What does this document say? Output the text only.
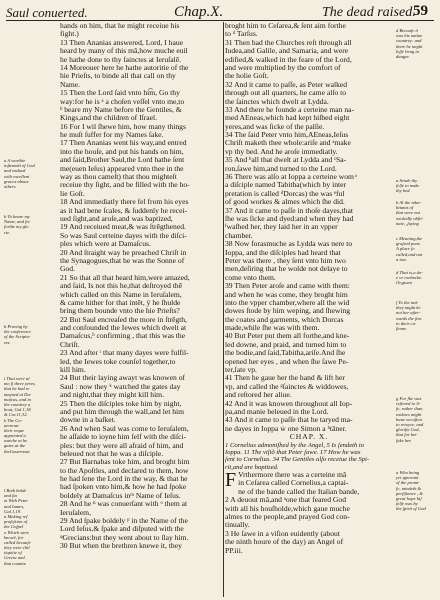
Saul conuerted.	Chap.X.	The dead raised.
59
hands on him, that he might receiue his
fight.)
13 Then Ananias answered, Lord, I haue
heard by many of this mã,how muche euil
he hathe done to thy ſainctes at Ieruſalē.
14 Moreouer here he hathe autoritie of the
hie Prieſts, to binde all that call on thy
Name.
15 Then the Lord ſaid vnto hi͡m, Go thy
way:for he is ᵃ a choſen veſſel vnto me,to
ᵇ beare my Name before the Gentiles, &
Kings,and the children of Iſrael.
16 For I wil ſhewe him, how many things
he muſt ſuffer for my Names ſake.
17 Then Ananias went his way,and entred
into the houſe, and put his hands on him,
and ſaid,Brother Saul,the Lord hathe ſent
me(euen Ieſus) appeared vnto thee in the
way as thou cameſt) that thou mighteſt
receiue thy ſight, and be filled with the ho-
lie Goſt.
18 And immediatly there fel from his eyes
as it had bene ſcales, & ſuddenly he recei-
ued ſight,and aroſe,and was baptized,
19 And receiued meat,& was ſtrēgthened.
So was Saul certeine dayes with the diſci-
ples which were at Damaſcus.
20 And ſtraight way he preached Chriſt in
the Synagogues,that he was the Sonne of
God.
21 So that all that heard him,were amazed,
and ſaid, Is not this he,that deſtroyed thē
which called on this Name in Ieruſalem,
& came hither for that intēt, ÿ he ſhulde
bring them bounde vnto the hie Prieſts?
22 But Saul encreaſed the more in ſtrēgth,
and confounded the Iewes which dwelt at
Damaſcus,ᵇ confirming , that this was the
Chriſt.
23 And after ᶦ that many dayes were fulfil-
led, the Iewes toke counſel together,to
kill him.
24 But their laying awayt was knowen of
Saul : now they ᵏ watched the gates day
and night,that they might kill him.
25 Then the diſciples toke him by night,
and put him through the wall,and let him
downe in a baſket.
26 And when Saul was come to Ieruſalem,
he aſſaide to ioyne him ſelf with the diſci-
ples: but they were all afraid of him, and
beleued not that he was a diſciple.
27 But Barnabas toke him, and broght him
to the Apoſtles, and declared to them, how
he had ſene the Lord in the way, & that he
had ſpoken vnto him,& how he had ſpoke
boldely at Damaſcus inᵐ Name of Ieſus.
28 And he ⁿ was conuerſant with ᵒ them at
Ieruſalem,
29 And ſpake boldely ᵖ in the Name of the
Lord Ieſus,& ſpake and diſputed with the
ᵠGrecians:but they went about to ſlay him.
30 But when the brethren knewe it, they
broght him to Ceſarea,& ſent aim forthe
to ᵈ Tarſus.
31 Then had the Churches reſt through all
Iudea,and Galile, and Samaria, and were
edified,& walked in the feare of the Lord,
and were multiplied by the comfort of
the holie Goſt.
32 And it came to paſſe, as Peter walked
through out all quarters, he came alſo to
the ſainctes which dwelt at Lydda.
33 And there he founde a certeine man na-
med AEneas,which had kept hiſbed eight
yeres,and was ſicke of the palſie.
34 The ſaid Peter vnto him,AEneas,Ieſus
Chriſt maketh thee whole:ariſe and ᵃmake
vp thy bed. And he aroſe immediatly.
35 And ᵇall that dwelt at Lydda and ᶜSa-
ron,ſawe him,and turned to the Lord.
36 There was alſo at Ioppa a certeine wom ͣ
a diſciple named Tabitha(which by inter
pretation is called ᵈDorcas) the was ᵉful
of good workes & almes which ſhe did.
37 And it came to paſſe in thoſe dayes,that
ſhe was ſicke and dyed:and when they had
ᶠwaſhed her, they laid her in an vpper
chamber.
38 Now forasmuche as Lydda was nere to
Ioppa, and the diſciples had heard that
Peter was there , they ſent vnto him two
men,deſiring that he wolde not delaye to
come vnto them.
39 Then Peter aroſe and came with them:
and when he was come, they broght him
into the vpper chamber,where all the wid
dowes ſtode by him weping, and ſhewing
the coates and garments, which Dorcas
made,while ſhe was with them.
40 But Peter put them all forthe,and kne-
led downe, and praid, and turned him to
the bodie,and ſaid,Tabitha,ariſe.And ſhe
opened her eyes , and when ſhe ſawe Pe-
ter,ſate vp.
41 Then he gaue her the hand & lift her
vp, and called the ᵍſainctes & widdowes,
and reſtored her aliue.
42 And it was knowen throughout all Iop-
pa,and manie beleued in the Lord.
43 And it came to paſſe that he taryed ma-
ne dayes in Ioppa ẇ one Simon a ʰtāner.
CHAP. X.
1 Cornelius admoniſhed by the Angel, 5 Is ſendeth to
Ioppa. 11 The viſiõ that Peter ſawe. 17 How he was
ſent to Cornelius. 34 The Gentiles alſo receiue the Spi-
rit,and are baptized.
F Vrthermore there was a certeine mã
in Ceſarea called Cornelius,a captai-
ne of the bande called the Italian bande,
2 A deuout mã,and ᵃone that feared God
with all his houſholde,which gaue muche
almes to the people,and prayed God con-
tinually.
3 He ſawe in a viſion euidently (about
the ninth houre of the day) an Angel of
PP.iii.
a A worthie
inſtrumēt of God
and endued
with excellent
graces aboue
others.
b To beare my
Name, and ſet
forthe my glo
rie.
h Proving by
the conference
of the Scriptu-
res.
i That were al
mo ſt three yeres,
that he had re
mayned at Da-
maſcus, and in
the countrey a
bout, Gal.1,18.
& Cor.11,32.
k The Go-
uernour
their reque
appointed a
watche at he
gates at the
theGouernour
l Both bolde
and ſta
m With Peter
and Iames,
Gal.1,19.
n Making ref
profeſsion of
the Goſpel
o Which were
knowē, for
called becauſe
they were chil
tiquitie of
Grecia and
that countre
d Becauſe it
was his natiue
countrey: and
there he might
leſſe lieng in
danger.
a Sende thy
ſelfe to make
thy bed.
b Al the inha-
bitants of
that were not
wickedly obſti-
nate, ,ſaying
c Meaning,the
graſsed pone.
A place ſo
called,and not
a tow.
d That is,a do-
e or roebucke.
Or,giuen
f To the intē
they might ke
not her after-
wards the ſtra
to their cu-
ſtome.
g For ſhe was
reſtored to li-
fe, rather than
widows might
haue occaſion
to reioyce, and
glorifie God,
that for her
ſake hee
a Who being
yet ignorant
of the promi-
ſe, mindeth &
perſiſtance , &
great hope hiſ
ſelfe was by
the ſpirit of God
